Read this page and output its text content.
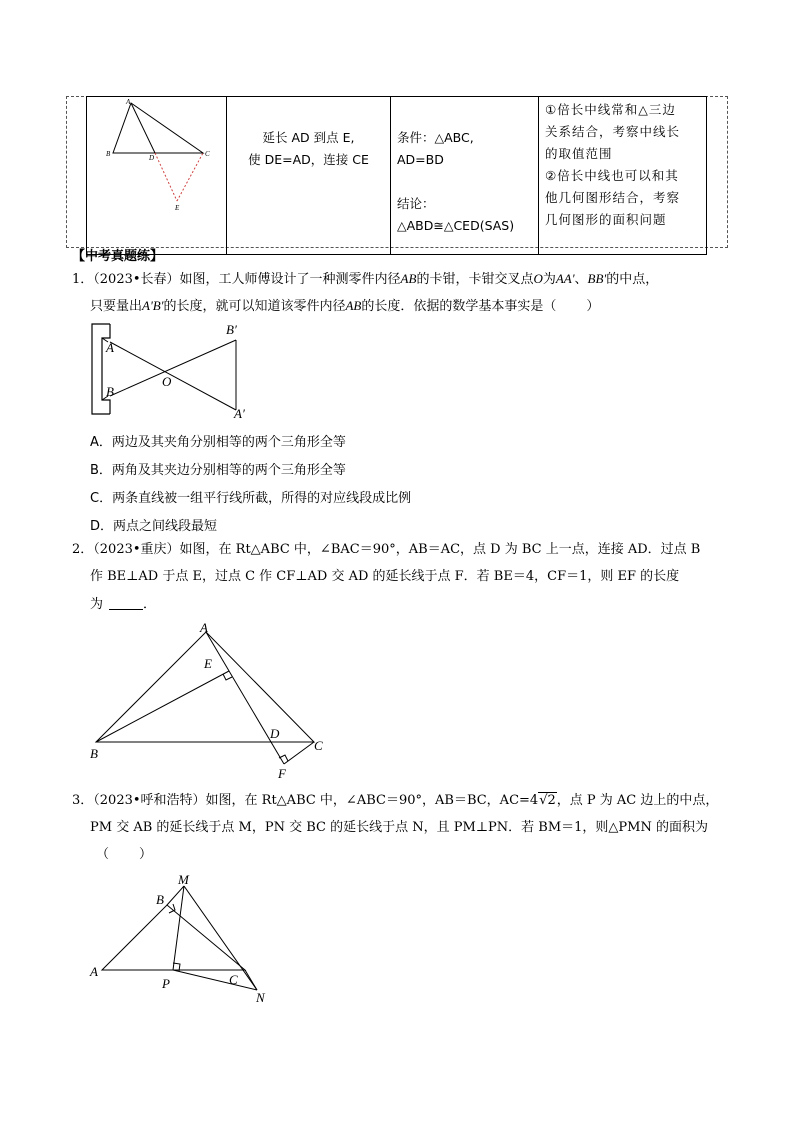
A
B	D	C
E

延长 AD 到点 E,
使 DE=AD，连接 CE

条件：△ABC,
AD=BD
结论：
△ABD≅△CED(SAS)

①倍长中线常和△三边
关系结合，考察中线长
的取值范围
②倍长中线也可以和其
他几何图形结合，考察
几何图形的面积问题
【中考真题练】
1．（2023•长春）如图，工人师傅设计了一种测零件内径AB的卡钳，卡钳交叉点O为AA'、BB'的中点，
只要量出A'B'的长度，就可以知道该零件内径AB的长度．依据的数学基本事实是（ ）
B′
A
B
O
A′
A．两边及其夹角分别相等的两个三角形全等
B．两角及其夹边分别相等的两个三角形全等
C．两条直线被一组平行线所截，所得的对应线段成比例
D．两点之间线段最短
2．（2023•重庆）如图，在 Rt△ABC 中，∠BAC＝90°，AB＝AC，点 D 为 BC 上一点，连接 AD．过点 B
作 BE⊥AD 于点 E，过点 C 作 CF⊥AD 交 AD 的延长线于点 F．若 BE＝4，CF＝1，则 EF 的长度
为	．
A
E
B
D
C
F
3．（2023•呼和浩特）如图，在 Rt△ABC 中，∠ABC＝90°，AB＝BC，AC=4√2，点 P 为 AC 边上的中点，
PM 交 AB 的延长线于点 M，PN 交 BC 的延长线于点 N，且 PM⊥PN．若 BM＝1，则△PMN 的面积为
（ ）
M
B
A
P	C
N
